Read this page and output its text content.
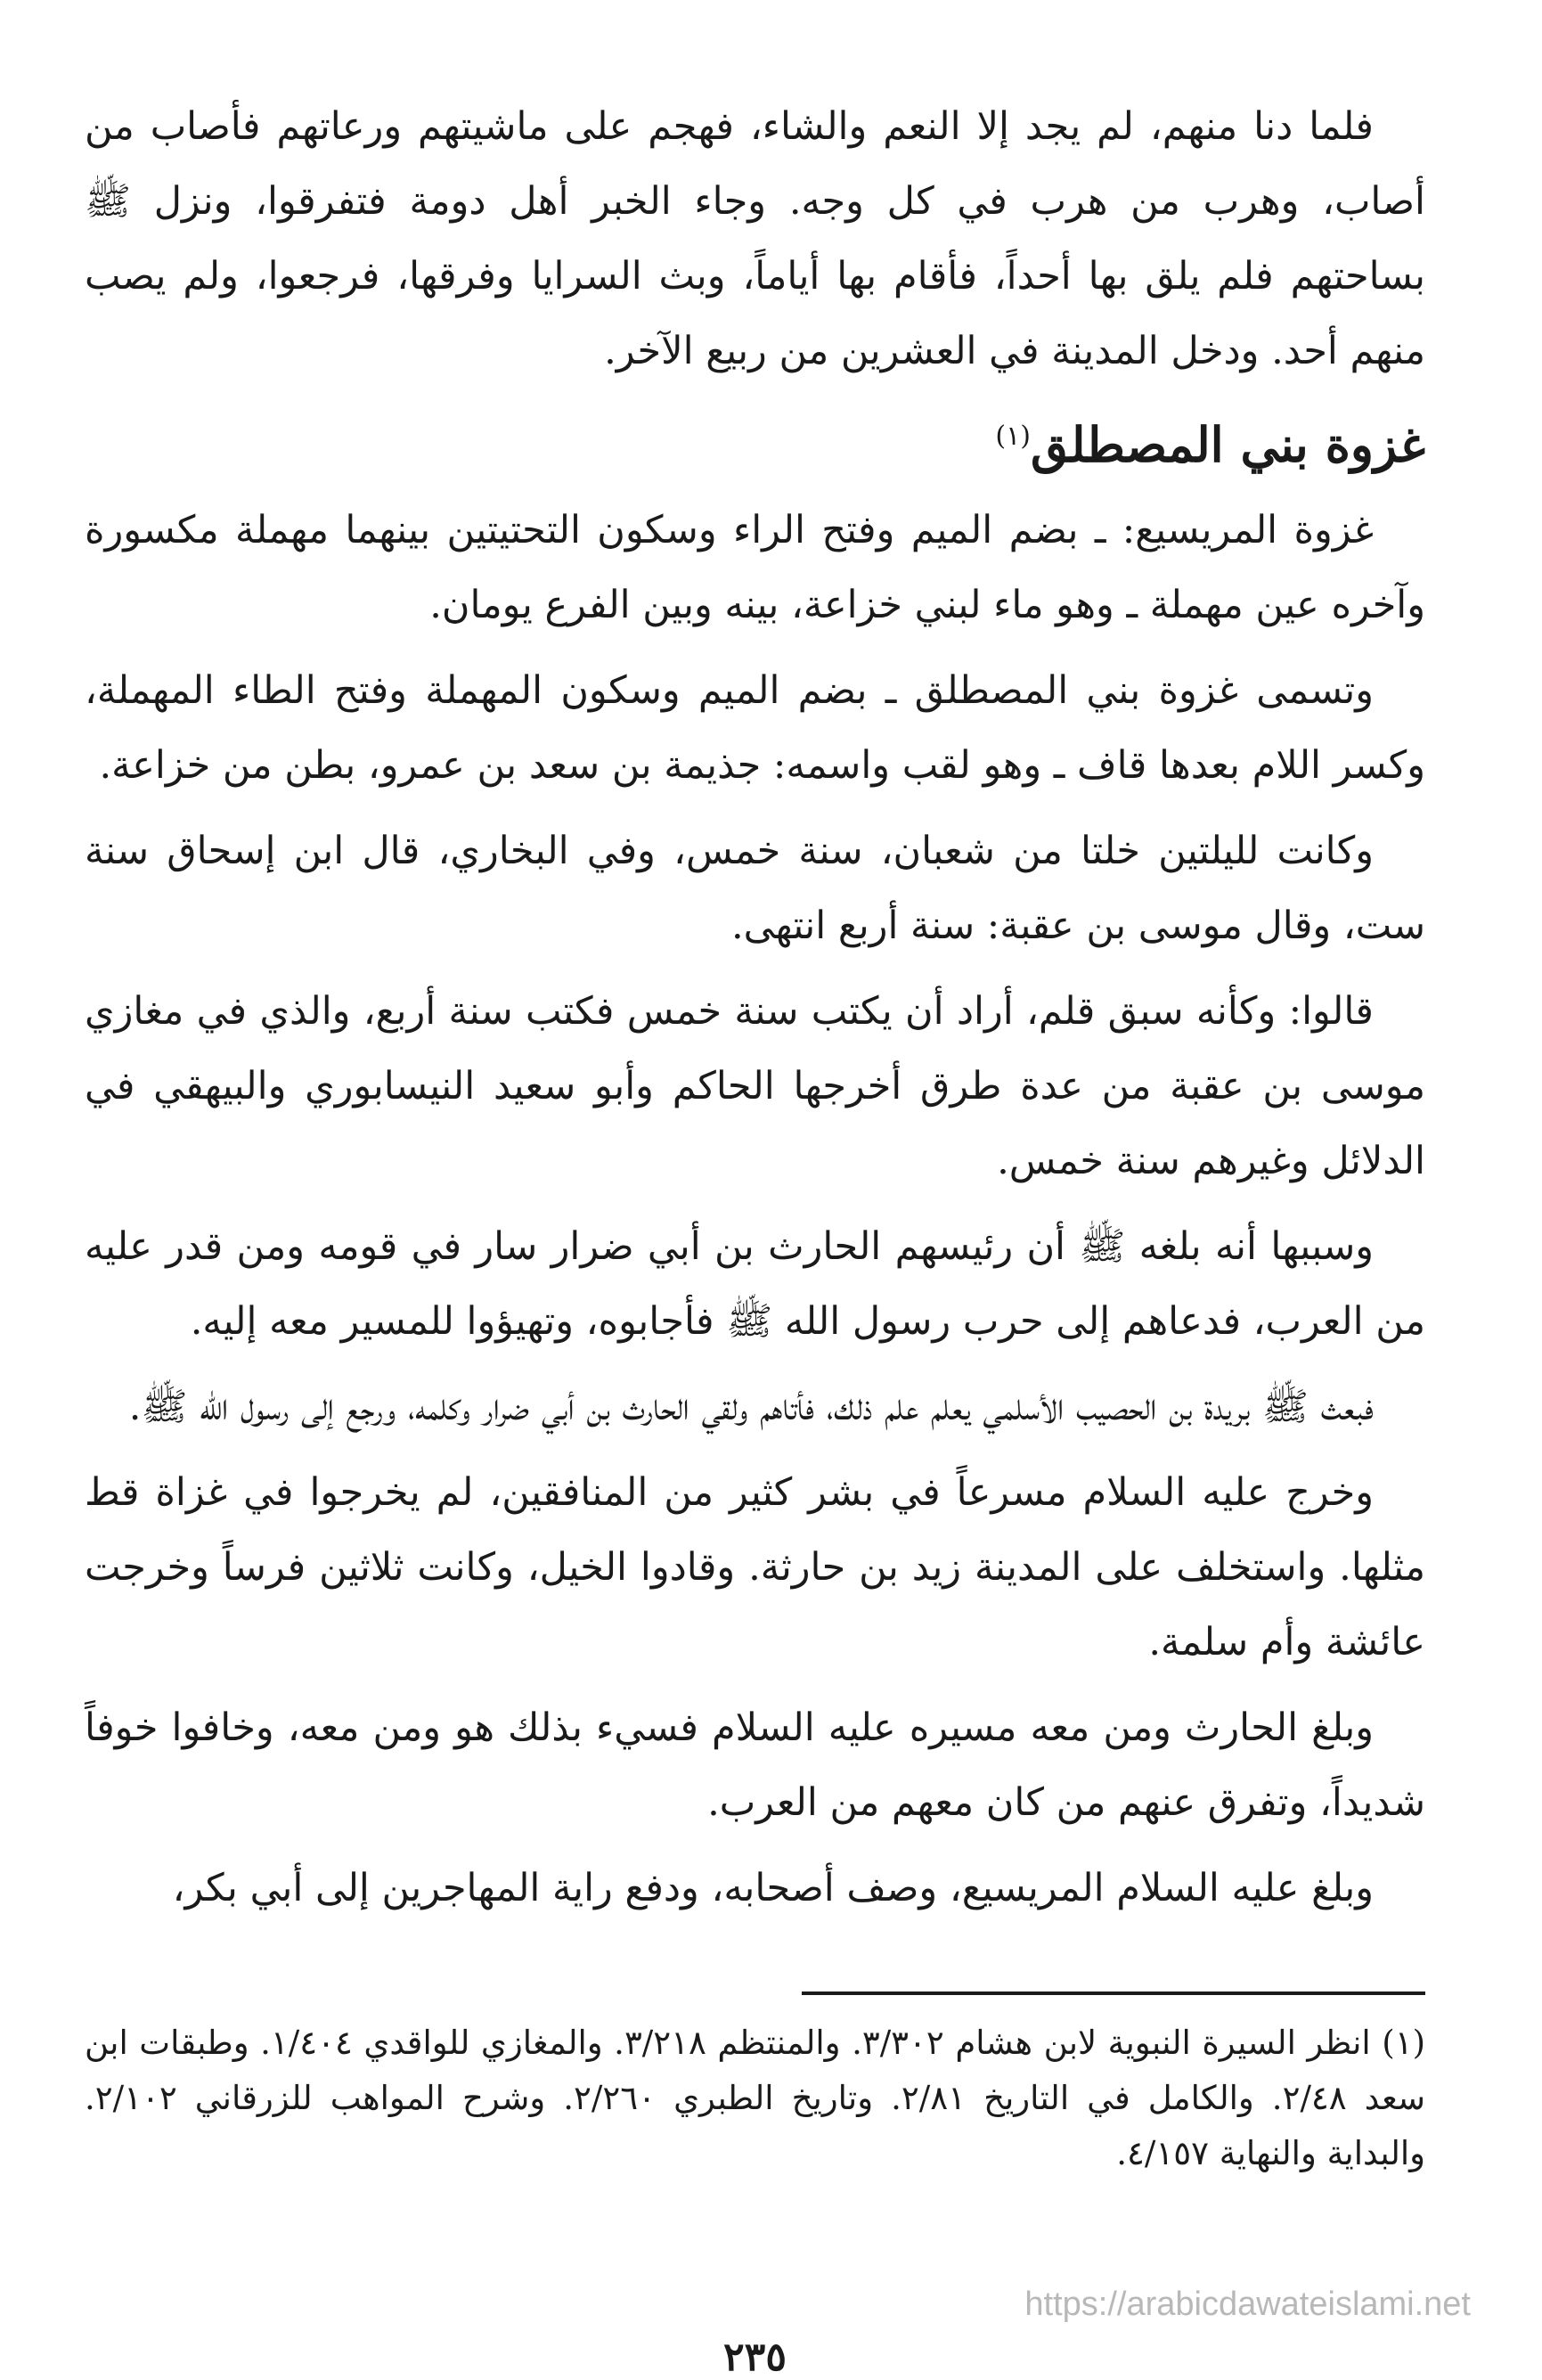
فلما دنا منهم، لم يجد إلا النعم والشاء، فهجم على ماشيتهم ورعاتهم فأصاب من أصاب، وهرب من هرب في كل وجه. وجاء الخبر أهل دومة فتفرقوا، ونزل ﷺ بساحتهم فلم يلق بها أحداً، فأقام بها أياماً، وبث السرايا وفرقها، فرجعوا، ولم يصب منهم أحد. ودخل المدينة في العشرين من ربيع الآخر.

غزوة بني المصطلق$^{(١)}$

غزوة المريسيع: ـ بضم الميم وفتح الراء وسكون التحتيتين بينهما مهملة مكسورة وآخره عين مهملة ـ وهو ماء لبني خزاعة، بينه وبين الفرع يومان.

وتسمى غزوة بني المصطلق ـ بضم الميم وسكون المهملة وفتح الطاء المهملة، وكسر اللام بعدها قاف ـ وهو لقب واسمه: جذيمة بن سعد بن عمرو، بطن من خزاعة.

وكانت لليلتين خلتا من شعبان، سنة خمس، وفي البخاري، قال ابن إسحاق سنة ست، وقال موسى بن عقبة: سنة أربع انتهى.

قالوا: وكأنه سبق قلم، أراد أن يكتب سنة خمس فكتب سنة أربع، والذي في مغازي موسى بن عقبة من عدة طرق أخرجها الحاكم وأبو سعيد النيسابوري والبيهقي في الدلائل وغيرهم سنة خمس.

وسببها أنه بلغه ﷺ أن رئيسهم الحارث بن أبي ضرار سار في قومه ومن قدر عليه من العرب، فدعاهم إلى حرب رسول الله ﷺ فأجابوه، وتهيؤوا للمسير معه إليه.

فبعث ﷺ بريدة بن الحصيب الأسلمي يعلم علم ذلك، فأتاهم ولقي الحارث بن أبي ضرار وكلمه، ورجع إلى رسول الله ﷺ.

وخرج عليه السلام مسرعاً في بشر كثير من المنافقين، لم يخرجوا في غزاة قط مثلها. واستخلف على المدينة زيد بن حارثة. وقادوا الخيل، وكانت ثلاثين فرساً وخرجت عائشة وأم سلمة.

وبلغ الحارث ومن معه مسيره عليه السلام فسيء بذلك هو ومن معه، وخافوا خوفاً شديداً، وتفرق عنهم من كان معهم من العرب.

وبلغ عليه السلام المريسيع، وصف أصحابه، ودفع راية المهاجرين إلى أبي بكر،

(١) انظر السيرة النبوية لابن هشام ٣/٣٠٢. والمنتظم ٣/٢١٨. والمغازي للواقدي ١/٤٠٤. وطبقات ابن سعد ٢/٤٨. والكامل في التاريخ ٢/٨١. وتاريخ الطبري ٢/٢٦٠. وشرح المواهب للزرقاني ٢/١٠٢. والبداية والنهاية ٤/١٥٧.

٢٣٥
https://arabicdawateislami.net
